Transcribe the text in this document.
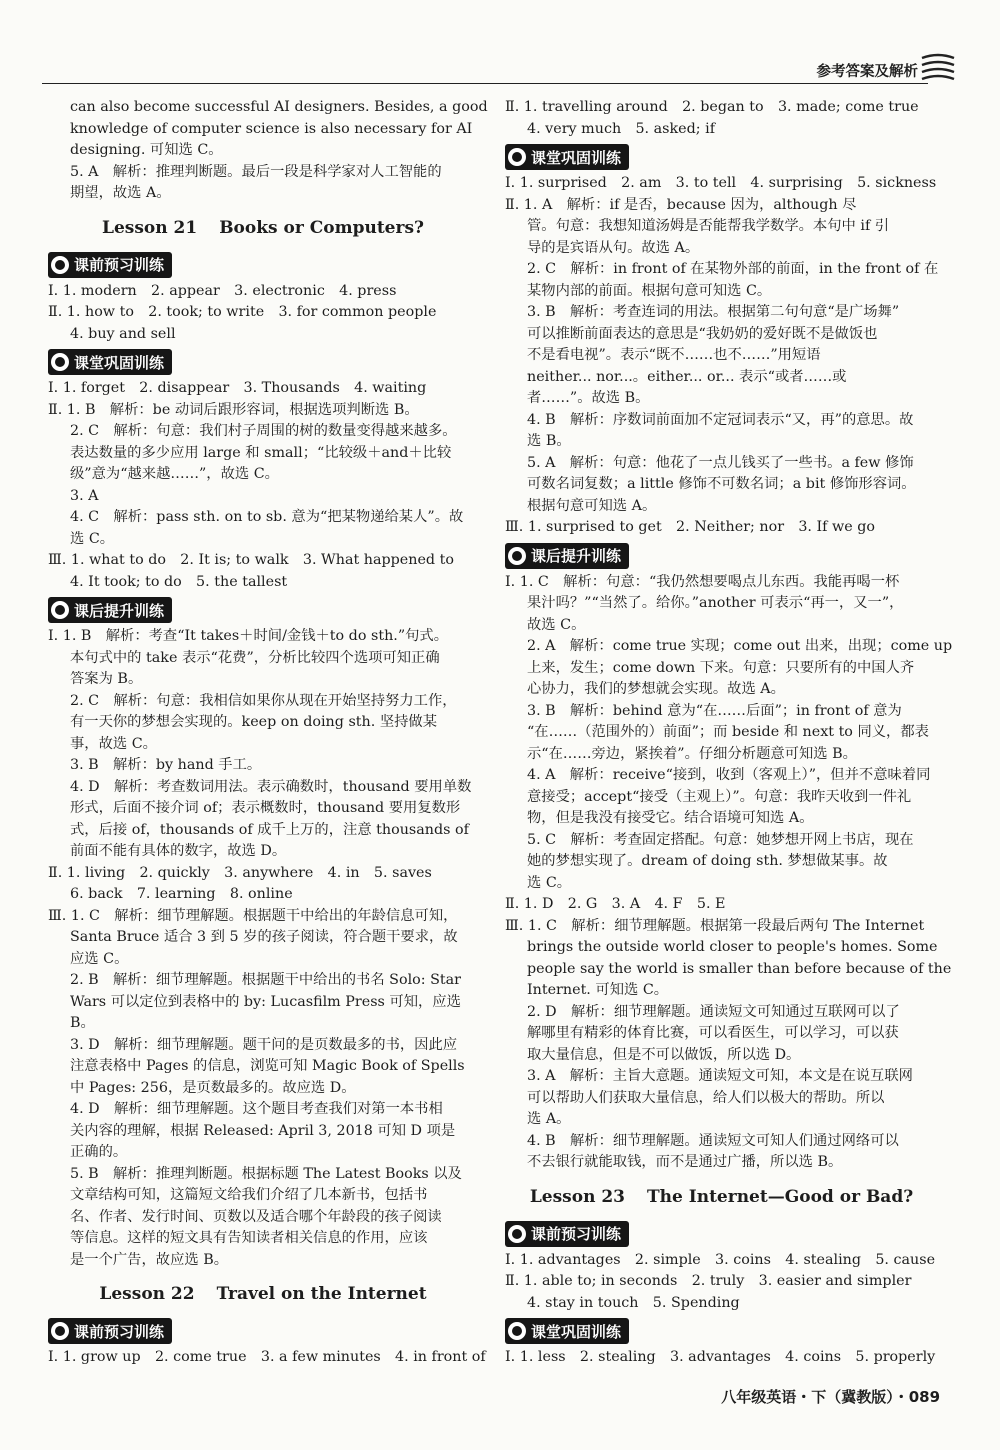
参考答案及解析
can also become successful AI designers. Besides, a good
knowledge of computer science is also necessary for AI
designing. 可知选 C。
5. A　解析：推理判断题。最后一段是科学家对人工智能的
期望，故选 A。
Lesson 21 Books or Computers?
课前预习训练
Ⅰ. 1. modern　2. appear　3. electronic　4. press
Ⅱ. 1. how to　2. took; to write　3. for common people
4. buy and sell
课堂巩固训练
Ⅰ. 1. forget　2. disappear　3. Thousands　4. waiting
Ⅱ. 1. B　解析：be 动词后跟形容词，根据选项判断选 B。
2. C　解析：句意：我们村子周围的树的数量变得越来越多。
表达数量的多少应用 large 和 small；“比较级＋and＋比较
级”意为“越来越……”，故选 C。
3. A
4. C　解析：pass sth. on to sb. 意为“把某物递给某人”。故
选 C。
Ⅲ. 1. what to do　2. It is; to walk　3. What happened to
4. It took; to do　5. the tallest
课后提升训练
Ⅰ. 1. B　解析：考查“It takes＋时间/金钱＋to do sth.”句式。
本句式中的 take 表示“花费”，分析比较四个选项可知正确
答案为 B。
2. C　解析：句意：我相信如果你从现在开始坚持努力工作，
有一天你的梦想会实现的。keep on doing sth. 坚持做某
事，故选 C。
3. B　解析：by hand 手工。
4. D　解析：考查数词用法。表示确数时，thousand 要用单数
形式，后面不接介词 of；表示概数时，thousand 要用复数形
式，后接 of，thousands of 成千上万的，注意 thousands of
前面不能有具体的数字，故选 D。
Ⅱ. 1. living　2. quickly　3. anywhere　4. in　5. saves
6. back　7. learning　8. online
Ⅲ. 1. C　解析：细节理解题。根据题干中给出的年龄信息可知，
Santa Bruce 适合 3 到 5 岁的孩子阅读，符合题干要求，故
应选 C。
2. B　解析：细节理解题。根据题干中给出的书名 Solo: Star
Wars 可以定位到表格中的 by: Lucasfilm Press 可知，应选
B。
3. D　解析：细节理解题。题干问的是页数最多的书，因此应
注意表格中 Pages 的信息，浏览可知 Magic Book of Spells
中 Pages: 256，是页数最多的。故应选 D。
4. D　解析：细节理解题。这个题目考查我们对第一本书相
关内容的理解，根据 Released: April 3, 2018 可知 D 项是
正确的。
5. B　解析：推理判断题。根据标题 The Latest Books 以及
文章结构可知，这篇短文给我们介绍了几本新书，包括书
名、作者、发行时间、页数以及适合哪个年龄段的孩子阅读
等信息。这样的短文具有告知读者相关信息的作用，应该
是一个广告，故应选 B。
Lesson 22 Travel on the Internet
课前预习训练
Ⅰ. 1. grow up　2. come true　3. a few minutes　4. in front of
Ⅱ. 1. travelling around　2. began to　3. made; come true
4. very much　5. asked; if
课堂巩固训练
Ⅰ. 1. surprised　2. am　3. to tell　4. surprising　5. sickness
Ⅱ. 1. A　解析：if 是否，because 因为，although 尽
管。句意：我想知道汤姆是否能帮我学数学。本句中 if 引
导的是宾语从句。故选 A。
2. C　解析：in front of 在某物外部的前面，in the front of 在
某物内部的前面。根据句意可知选 C。
3. B　解析：考查连词的用法。根据第二句句意“是广场舞”
可以推断前面表达的意思是“我奶奶的爱好既不是做饭也
不是看电视”。表示“既不……也不……”用短语
neither... nor...。either... or... 表示“或者……或
者……”。故选 B。
4. B　解析：序数词前面加不定冠词表示“又，再”的意思。故
选 B。
5. A　解析：句意：他花了一点儿钱买了一些书。a few 修饰
可数名词复数；a little 修饰不可数名词；a bit 修饰形容词。
根据句意可知选 A。
Ⅲ. 1. surprised to get　2. Neither; nor　3. If we go
课后提升训练
Ⅰ. 1. C　解析：句意：“我仍然想要喝点儿东西。我能再喝一杯
果汁吗？”“当然了。给你。”another 可表示“再一，又一”，
故选 C。
2. A　解析：come true 实现；come out 出来，出现；come up
上来，发生；come down 下来。句意：只要所有的中国人齐
心协力，我们的梦想就会实现。故选 A。
3. B　解析：behind 意为“在……后面”；in front of 意为
“在……（范围外的）前面”；而 beside 和 next to 同义，都表
示“在……旁边，紧挨着”。仔细分析题意可知选 B。
4. A　解析：receive“接到，收到（客观上）”，但并不意味着同
意接受；accept“接受（主观上）”。句意：我昨天收到一件礼
物，但是我没有接受它。结合语境可知选 A。
5. C　解析：考查固定搭配。句意：她梦想开网上书店，现在
她的梦想实现了。dream of doing sth. 梦想做某事。故
选 C。
Ⅱ. 1. D　2. G　3. A　4. F　5. E
Ⅲ. 1. C　解析：细节理解题。根据第一段最后两句 The Internet
brings the outside world closer to people's homes. Some
people say the world is smaller than before because of the
Internet. 可知选 C。
2. D　解析：细节理解题。通读短文可知通过互联网可以了
解哪里有精彩的体育比赛，可以看医生，可以学习，可以获
取大量信息，但是不可以做饭，所以选 D。
3. A　解析：主旨大意题。通读短文可知，本文是在说互联网
可以帮助人们获取大量信息，给人们以极大的帮助。所以
选 A。
4. B　解析：细节理解题。通读短文可知人们通过网络可以
不去银行就能取钱，而不是通过广播，所以选 B。
Lesson 23 The Internet—Good or Bad?
课前预习训练
Ⅰ. 1. advantages　2. simple　3. coins　4. stealing　5. cause
Ⅱ. 1. able to; in seconds　2. truly　3. easier and simpler
4. stay in touch　5. Spending
课堂巩固训练
Ⅰ. 1. less　2. stealing　3. advantages　4. coins　5. properly
八年级英语・下（冀教版）・089
